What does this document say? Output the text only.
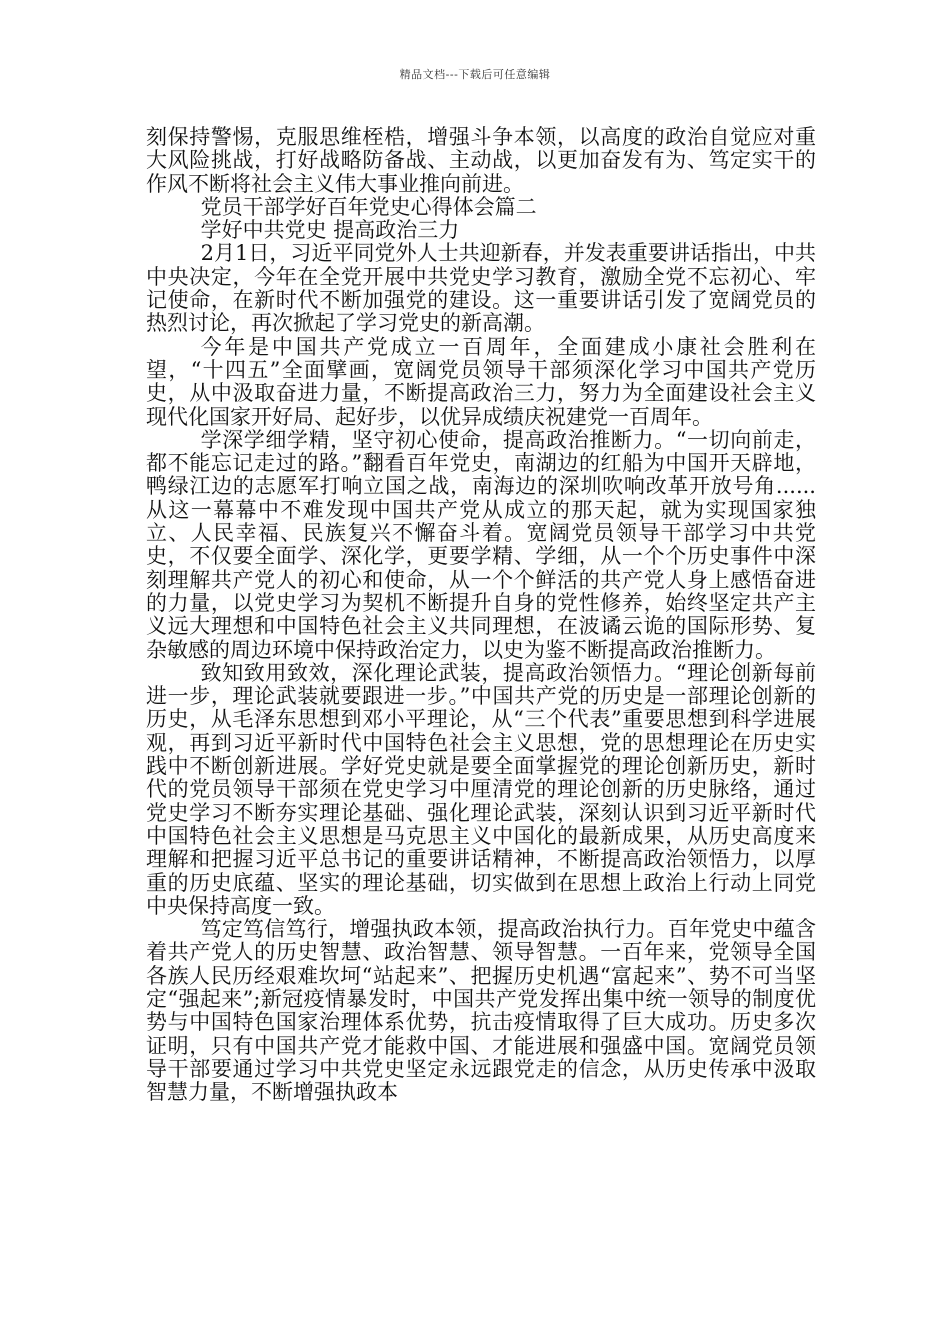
精品文档---下载后可任意编辑

刻保持警惕，克服思维桎梏，增强斗争本领，以高度的政治自觉应对重大风险挑战，打好战略防备战、主动战，以更加奋发有为、笃定实干的作风不断将社会主义伟大事业推向前进。

党员干部学好百年党史心得体会篇二

学好中共党史 提高政治三力

2月1日，习近平同党外人士共迎新春，并发表重要讲话指出，中共中央决定，今年在全党开展中共党史学习教育，激励全党不忘初心、牢记使命，在新时代不断加强党的建设。这一重要讲话引发了宽阔党员的热烈讨论，再次掀起了学习党史的新高潮。

今年是中国共产党成立一百周年，全面建成小康社会胜利在望，“十四五”全面擘画，宽阔党员领导干部须深化学习中国共产党历史，从中汲取奋进力量，不断提高政治三力，努力为全面建设社会主义现代化国家开好局、起好步，以优异成绩庆祝建党一百周年。

学深学细学精，坚守初心使命，提高政治推断力。“一切向前走，都不能忘记走过的路。”翻看百年党史，南湖边的红船为中国开天辟地，鸭绿江边的志愿军打响立国之战，南海边的深圳吹响改革开放号角......从这一幕幕中不难发现中国共产党从成立的那天起，就为实现国家独立、人民幸福、民族复兴不懈奋斗着。宽阔党员领导干部学习中共党史，不仅要全面学、深化学，更要学精、学细，从一个个历史事件中深刻理解共产党人的初心和使命，从一个个鲜活的共产党人身上感悟奋进的力量，以党史学习为契机不断提升自身的党性修养，始终坚定共产主义远大理想和中国特色社会主义共同理想，在波谲云诡的国际形势、复杂敏感的周边环境中保持政治定力，以史为鉴不断提高政治推断力。

致知致用致效，深化理论武装，提高政治领悟力。“理论创新每前进一步，理论武装就要跟进一步。”中国共产党的历史是一部理论创新的历史，从毛泽东思想到邓小平理论，从“三个代表”重要思想到科学进展观，再到习近平新时代中国特色社会主义思想，党的思想理论在历史实践中不断创新进展。学好党史就是要全面掌握党的理论创新历史，新时代的党员领导干部须在党史学习中厘清党的理论创新的历史脉络，通过党史学习不断夯实理论基础、强化理论武装，深刻认识到习近平新时代中国特色社会主义思想是马克思主义中国化的最新成果，从历史高度来理解和把握习近平总书记的重要讲话精神，不断提高政治领悟力，以厚重的历史底蕴、坚实的理论基础，切实做到在思想上政治上行动上同党中央保持高度一致。

笃定笃信笃行，增强执政本领，提高政治执行力。百年党史中蕴含着共产党人的历史智慧、政治智慧、领导智慧。一百年来，党领导全国各族人民历经艰难坎坷“站起来”、把握历史机遇“富起来”、势不可当坚定“强起来”;新冠疫情暴发时，中国共产党发挥出集中统一领导的制度优势与中国特色国家治理体系优势，抗击疫情取得了巨大成功。历史多次证明，只有中国共产党才能救中国、才能进展和强盛中国。宽阔党员领导干部要通过学习中共党史坚定永远跟党走的信念，从历史传承中汲取智慧力量，不断增强执政本
